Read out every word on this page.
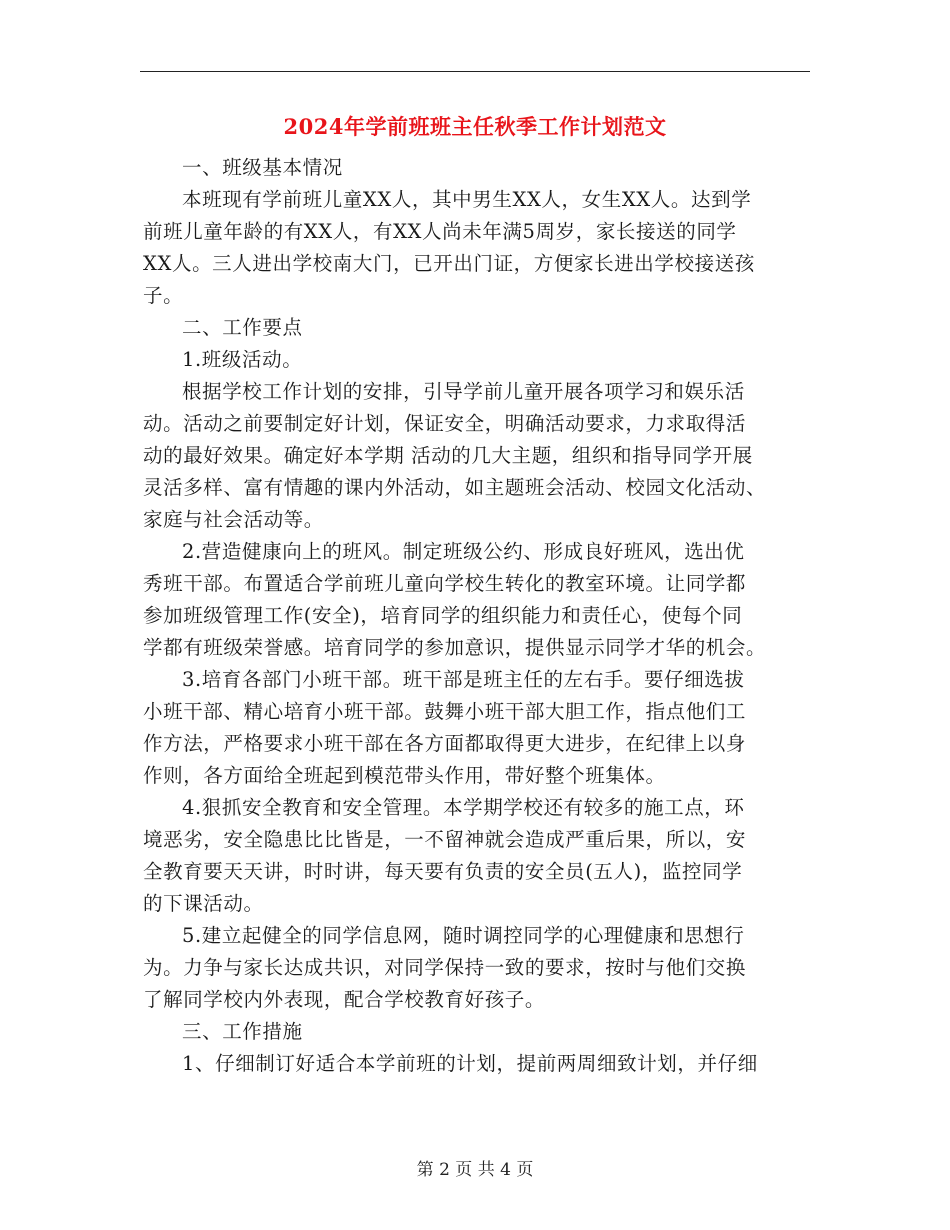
2024年学前班班主任秋季工作计划范文

一、班级基本情况

本班现有学前班儿童XX人，其中男生XX人，女生XX人。达到学

前班儿童年龄的有XX人，有XX人尚未年满5周岁，家长接送的同学

XX人。三人进出学校南大门，已开出门证，方便家长进出学校接送孩

子。

二、工作要点

1.班级活动。

根据学校工作计划的安排，引导学前儿童开展各项学习和娱乐活

动。活动之前要制定好计划，保证安全，明确活动要求，力求取得活

动的最好效果。确定好本学期 活动的几大主题，组织和指导同学开展

灵活多样、富有情趣的课内外活动，如主题班会活动、校园文化活动、

家庭与社会活动等。

2.营造健康向上的班风。制定班级公约、形成良好班风，选出优

秀班干部。布置适合学前班儿童向学校生转化的教室环境。让同学都

参加班级管理工作(安全)，培育同学的组织能力和责任心，使每个同

学都有班级荣誉感。培育同学的参加意识，提供显示同学才华的机会。

3.培育各部门小班干部。班干部是班主任的左右手。要仔细选拔

小班干部、精心培育小班干部。鼓舞小班干部大胆工作，指点他们工

作方法，严格要求小班干部在各方面都取得更大进步，在纪律上以身

作则，各方面给全班起到模范带头作用，带好整个班集体。

4.狠抓安全教育和安全管理。本学期学校还有较多的施工点，环

境恶劣，安全隐患比比皆是，一不留神就会造成严重后果，所以，安

全教育要天天讲，时时讲，每天要有负责的安全员(五人)，监控同学

的下课活动。

5.建立起健全的同学信息网，随时调控同学的心理健康和思想行

为。力争与家长达成共识，对同学保持一致的要求，按时与他们交换

了解同学校内外表现，配合学校教育好孩子。

三、工作措施

1、仔细制订好适合本学前班的计划，提前两周细致计划，并仔细

第 2 页 共 4 页
